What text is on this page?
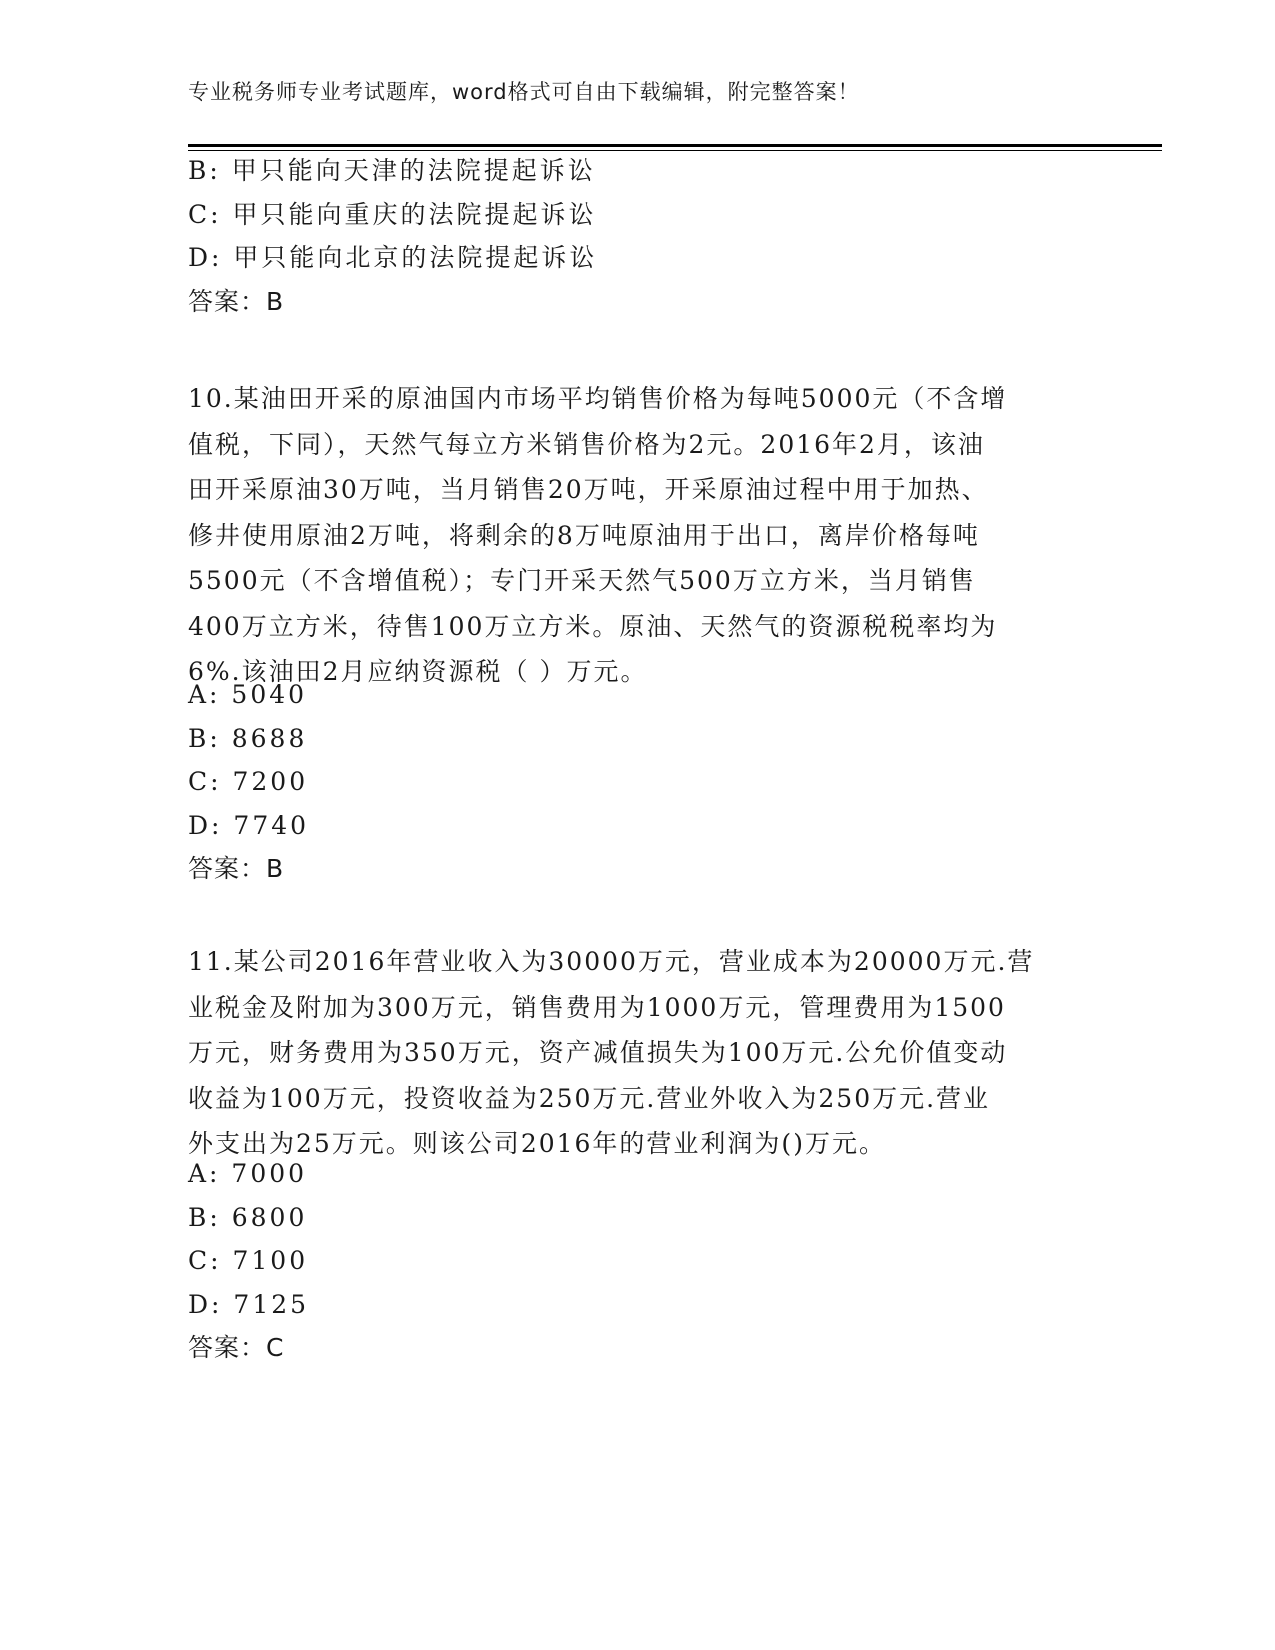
专业税务师专业考试题库，word格式可自由下载编辑，附完整答案！
B: 甲只能向天津的法院提起诉讼
C: 甲只能向重庆的法院提起诉讼
D: 甲只能向北京的法院提起诉讼
答案：B
10.某油田开采的原油国内市场平均销售价格为每吨5000元（不含增
值税，下同），天然气每立方米销售价格为2元。2016年2月，该油
田开采原油30万吨，当月销售20万吨，开采原油过程中用于加热、
修井使用原油2万吨，将剩余的8万吨原油用于出口，离岸价格每吨
5500元（不含增值税）；专门开采天然气500万立方米，当月销售
400万立方米，待售100万立方米。原油、天然气的资源税税率均为
6%.该油田2月应纳资源税（ ）万元。
A: 5040
B: 8688
C: 7200
D: 7740
答案：B
11.某公司2016年营业收入为30000万元，营业成本为20000万元.营
业税金及附加为300万元，销售费用为1000万元，管理费用为1500
万元，财务费用为350万元，资产减值损失为100万元.公允价值变动
收益为100万元，投资收益为250万元.营业外收入为250万元.营业
外支出为25万元。则该公司2016年的营业利润为()万元。
A: 7000
B: 6800
C: 7100
D: 7125
答案：C
